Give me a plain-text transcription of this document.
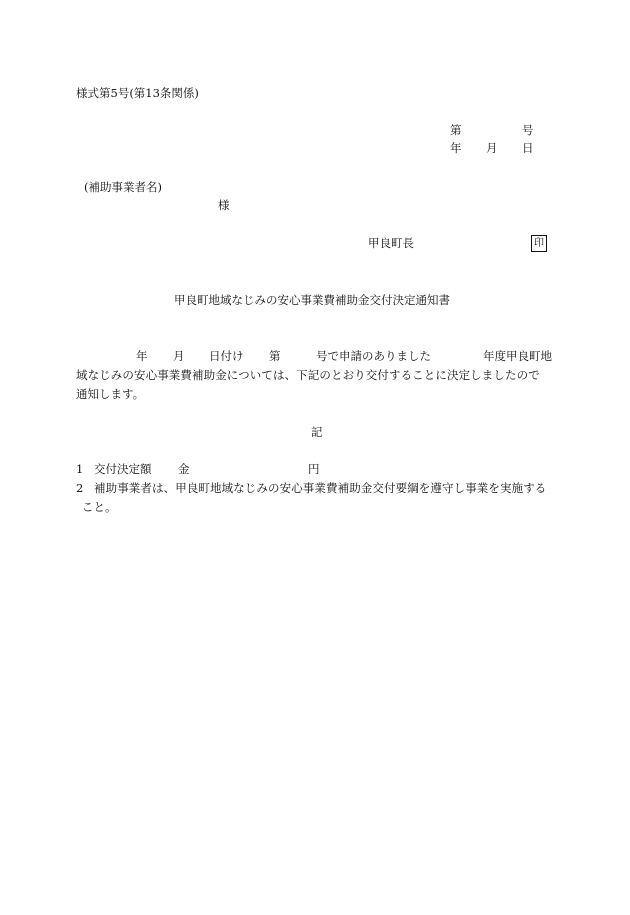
様式第5号(第13条関係)
第	号
年 月 日
(補助事業者名)
様
甲良町長	印
甲良町地域なじみの安心事業費補助金交付決定通知書
年 月 日付け 第	号で申請のありました	年度甲良町地
域なじみの安心事業費補助金については、下記のとおり交付することに決定しましたので
通知します。
記
1 交付決定額 金	円
2 補助事業者は、甲良町地域なじみの安心事業費補助金交付要綱を遵守し事業を実施する
こと。
